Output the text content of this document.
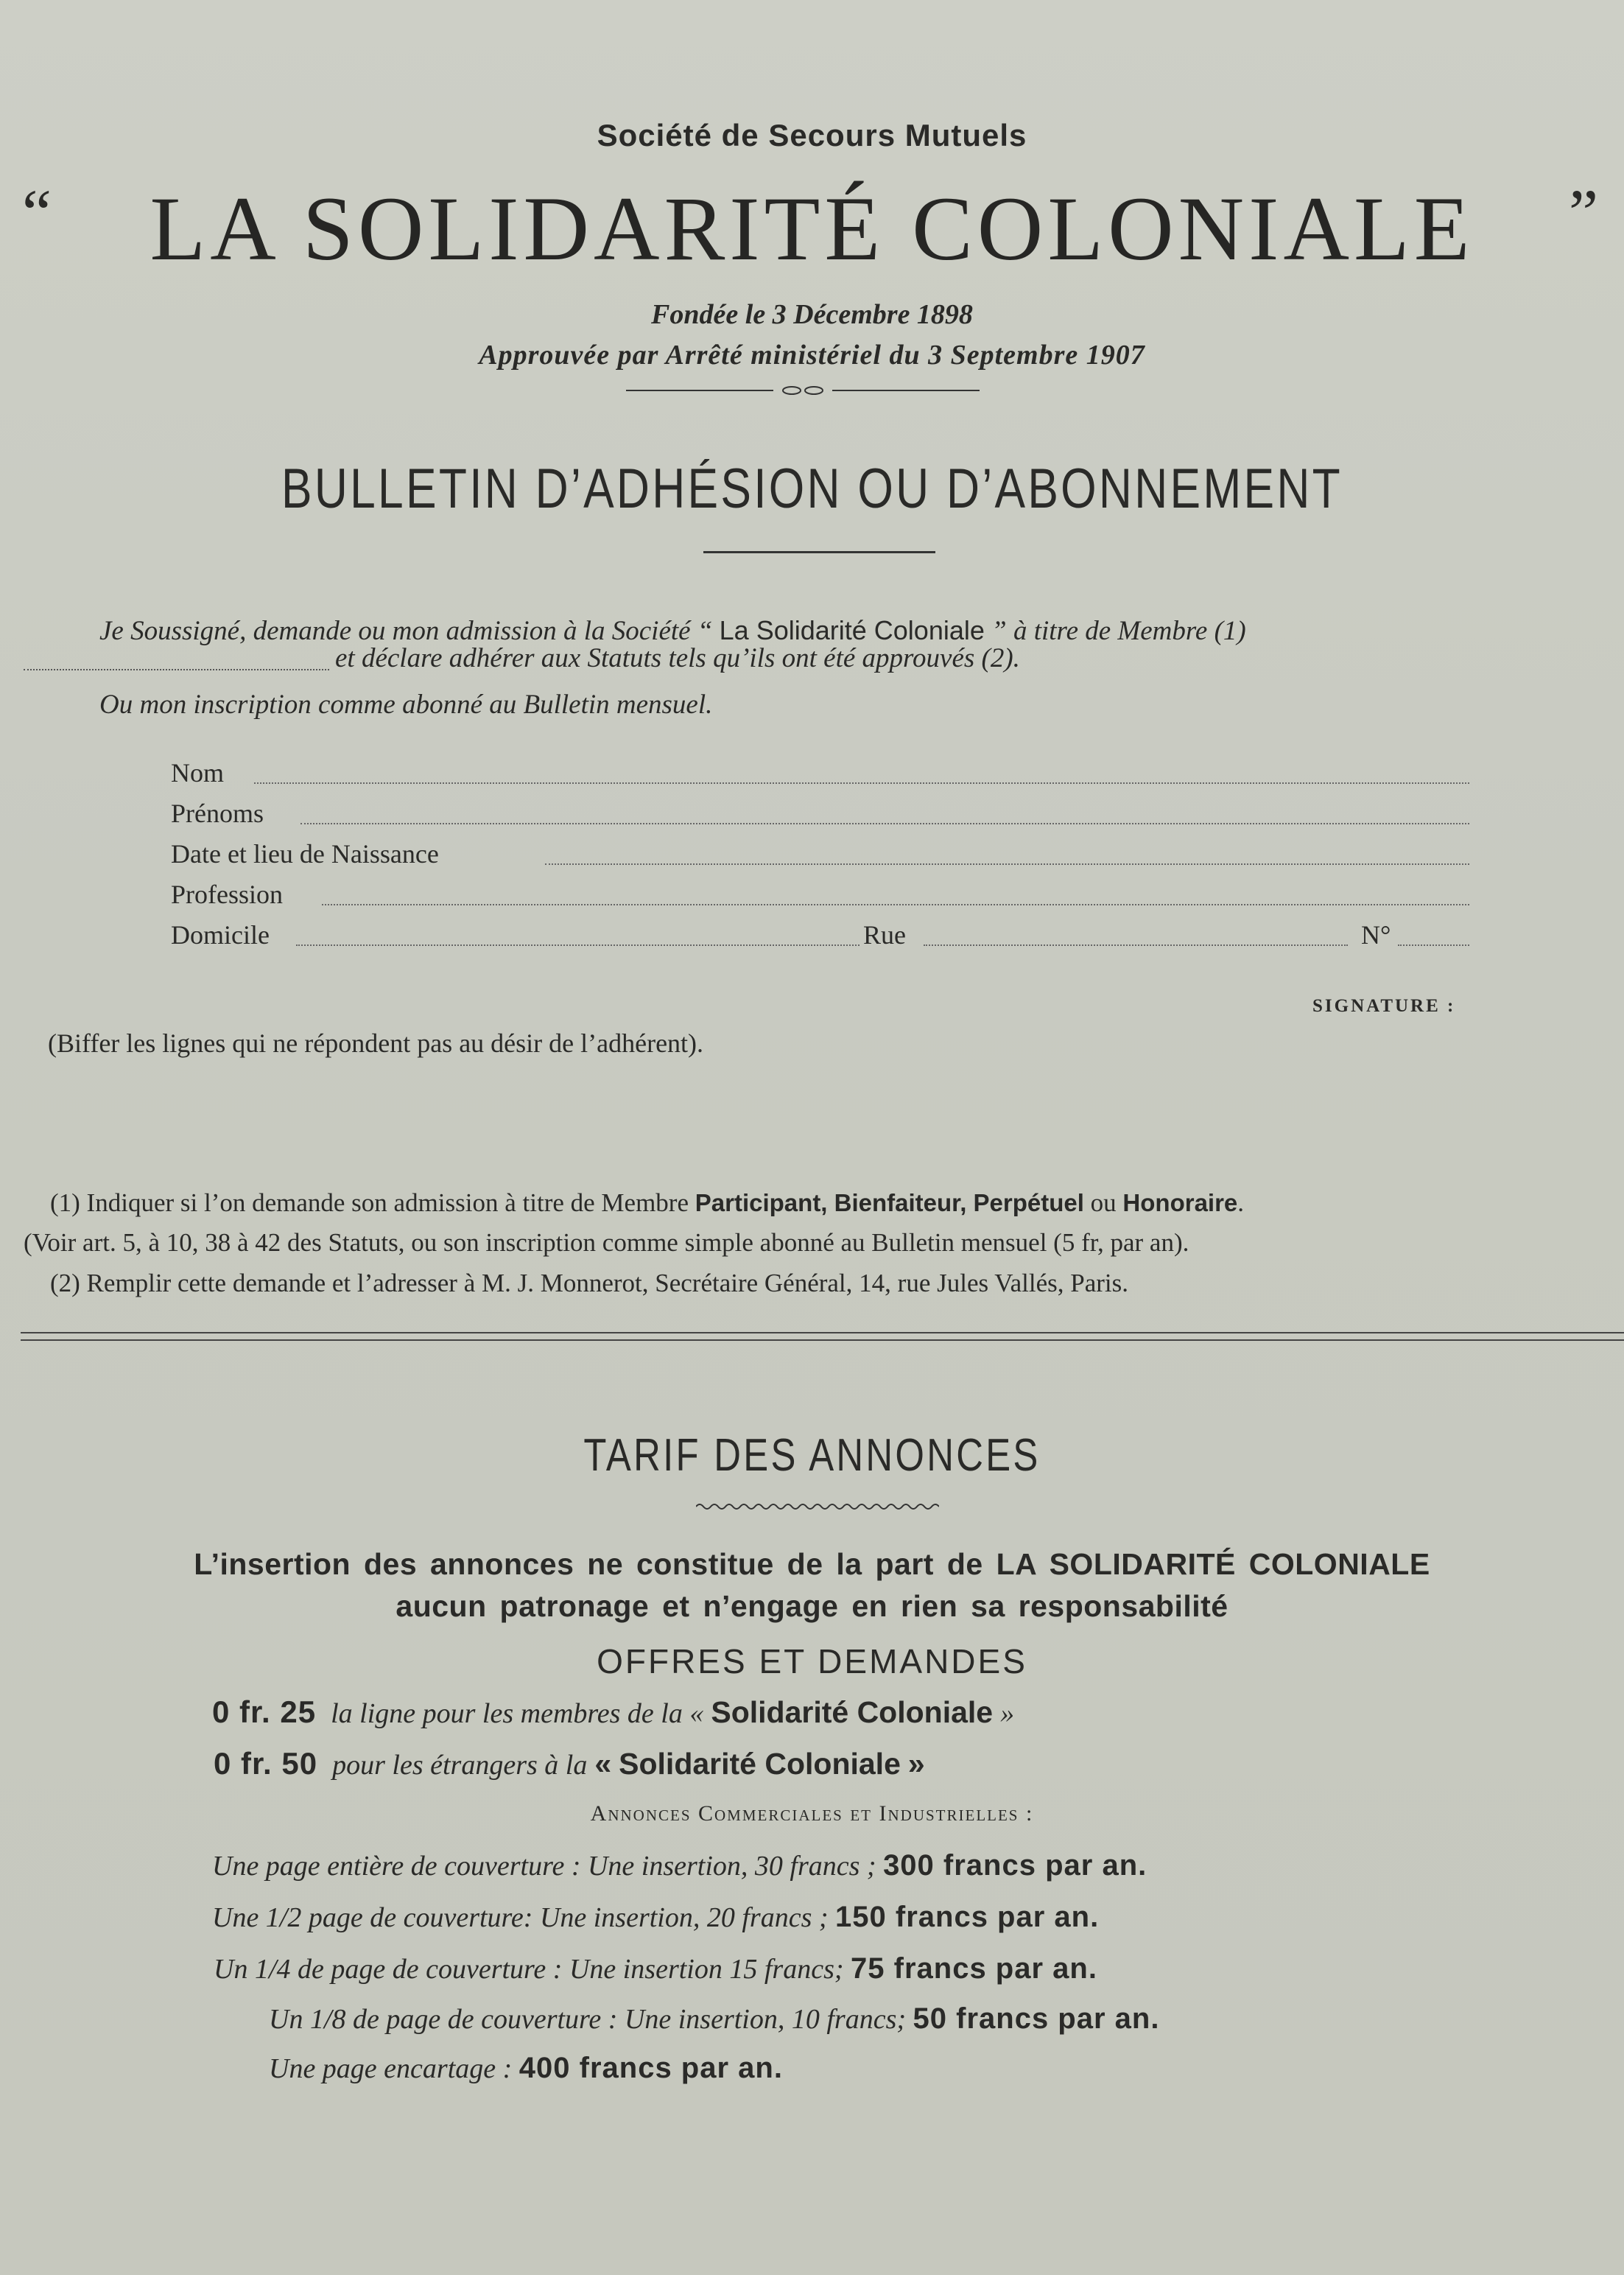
Société de Secours Mutuels
“	LA SOLIDARITÉ COLONIALE	”
Fondée le 3 Décembre 1898
Approuvée par Arrêté ministériel du 3 Septembre 1907
BULLETIN D’ADHÉSION OU D’ABONNEMENT
Je Soussigné, demande ou mon admission à la Société “ La Solidarité Coloniale ” à titre de Membre (1)
et déclare adhérer aux Statuts tels qu’ils ont été approuvés (2).
Ou mon inscription comme abonné au Bulletin mensuel.
Nom
Prénoms
Date et lieu de Naissance
Profession
Domicile	Rue	N°
SIGNATURE :
(Biffer les lignes qui ne répondent pas au désir de l’adhérent).
(1) Indiquer si l’on demande son admission à titre de Membre Participant, Bienfaiteur, Perpétuel ou Honoraire.
(Voir art. 5, à 10, 38 à 42 des Statuts, ou son inscription comme simple abonné au Bulletin mensuel (5 fr, par an).
(2) Remplir cette demande et l’adresser à M. J. Monnerot, Secrétaire Général, 14, rue Jules Vallés, Paris.
TARIF DES ANNONCES
L’insertion des annonces ne constitue de la part de LA SOLIDARITÉ COLONIALE
aucun patronage et n’engage en rien sa responsabilité
OFFRES ET DEMANDES
0 fr. 25 la ligne pour les membres de la « Solidarité Coloniale »
0 fr. 50 pour les étrangers à la « Solidarité Coloniale »
Annonces Commerciales et Industrielles :
Une page entière de couverture : Une insertion, 30 francs ; 300 francs par an.
Une 1/2 page de couverture: Une insertion, 20 francs ; 150 francs par an.
Un 1/4 de page de couverture : Une insertion 15 francs; 75 francs par an.
Un 1/8 de page de couverture : Une insertion, 10 francs; 50 francs par an.
Une page encartage : 400 francs par an.
